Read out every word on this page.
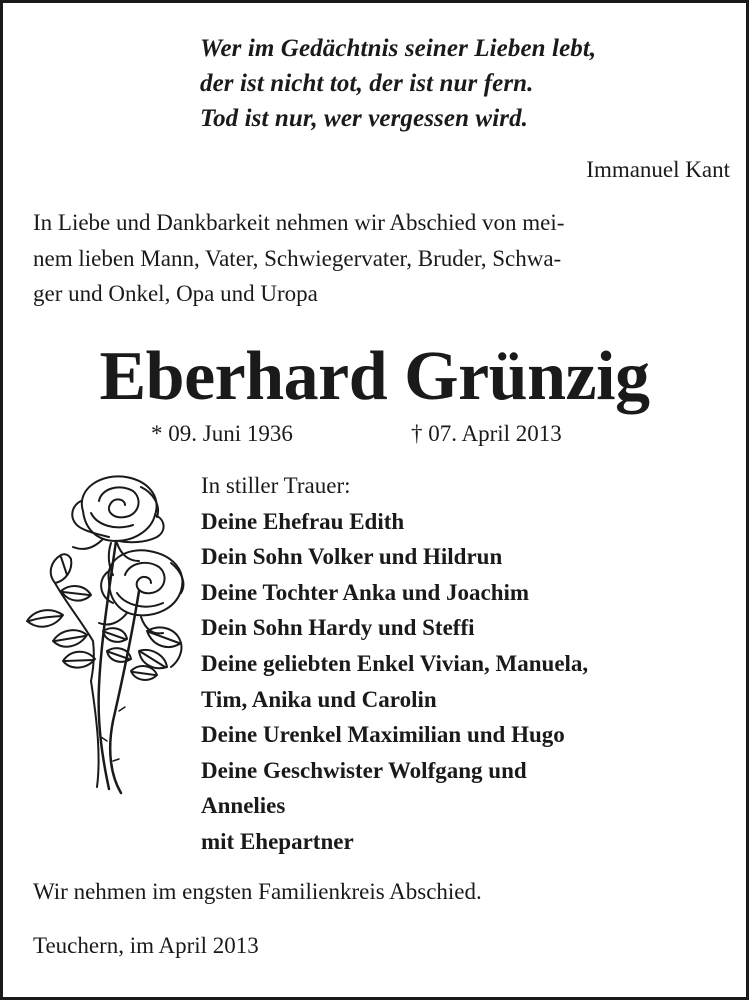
Wer im Gedächtnis seiner Lieben lebt,
der ist nicht tot, der ist nur fern.
Tod ist nur, wer vergessen wird.
Immanuel Kant
In Liebe und Dankbarkeit nehmen wir Abschied von mei-
nem lieben Mann, Vater, Schwiegervater, Bruder, Schwa-
ger und Onkel, Opa und Uropa
Eberhard Grünzig
* 09. Juni 1936	† 07. April 2013
In stiller Trauer:
Deine Ehefrau Edith
Dein Sohn Volker und Hildrun
Deine Tochter Anka und Joachim
Dein Sohn Hardy und Steffi
Deine geliebten Enkel Vivian, Manuela,
Tim, Anika und Carolin
Deine Urenkel Maximilian und Hugo
Deine Geschwister Wolfgang und
Annelies
mit Ehepartner
Wir nehmen im engsten Familienkreis Abschied.
Teuchern, im April 2013
